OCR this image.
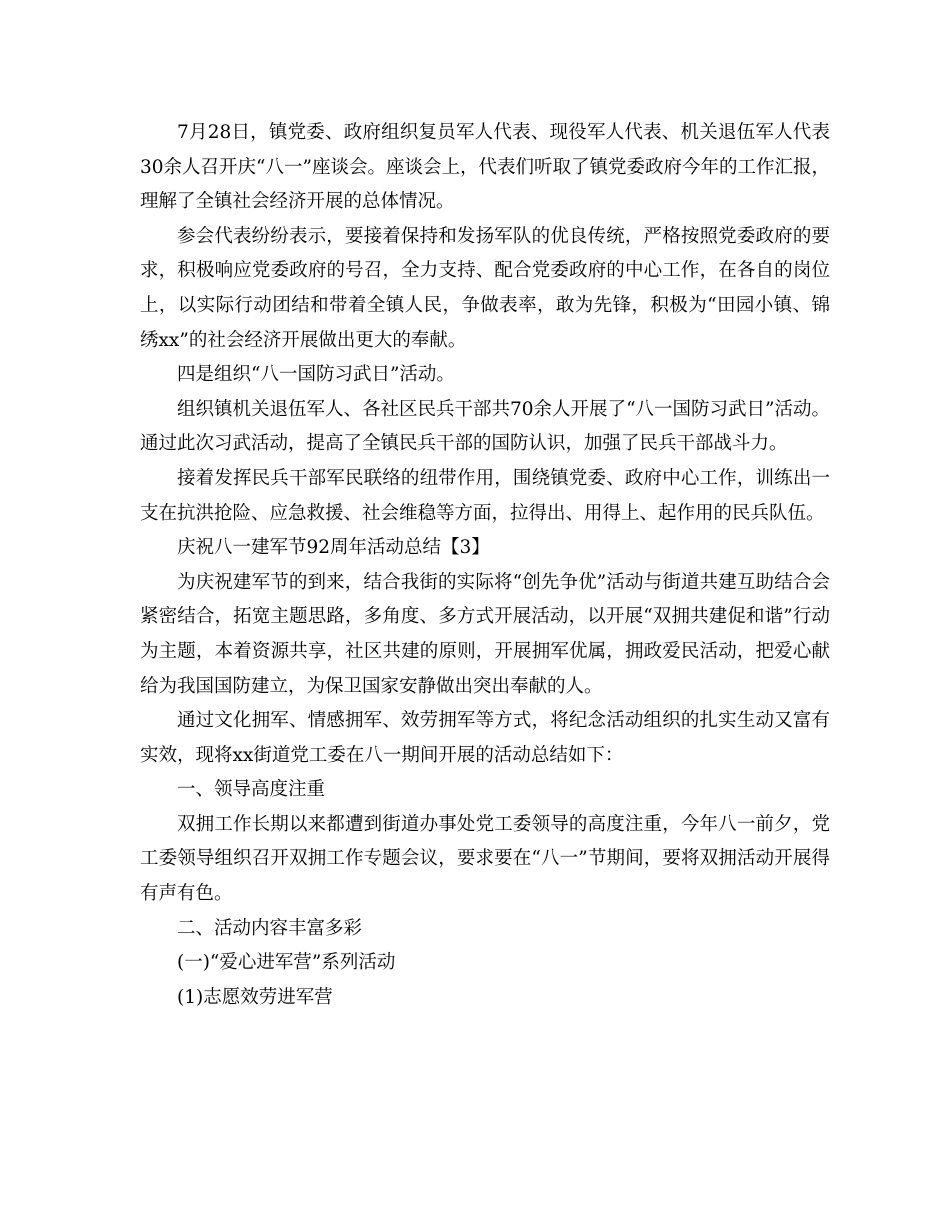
7月28日，镇党委、政府组织复员军人代表、现役军人代表、机关退伍军人代表30余人召开庆“八一”座谈会。座谈会上，代表们听取了镇党委政府今年的工作汇报，理解了全镇社会经济开展的总体情况。

参会代表纷纷表示，要接着保持和发扬军队的优良传统，严格按照党委政府的要求，积极响应党委政府的号召，全力支持、配合党委政府的中心工作，在各自的岗位上，以实际行动团结和带着全镇人民，争做表率，敢为先锋，积极为“田园小镇、锦绣xx”的社会经济开展做出更大的奉献。

四是组织“八一国防习武日”活动。

组织镇机关退伍军人、各社区民兵干部共70余人开展了“八一国防习武日”活动。通过此次习武活动，提高了全镇民兵干部的国防认识，加强了民兵干部战斗力。

接着发挥民兵干部军民联络的纽带作用，围绕镇党委、政府中心工作，训练出一支在抗洪抢险、应急救援、社会维稳等方面，拉得出、用得上、起作用的民兵队伍。

庆祝八一建军节92周年活动总结【3】

为庆祝建军节的到来，结合我街的实际将“创先争优”活动与街道共建互助结合会紧密结合，拓宽主题思路，多角度、多方式开展活动，以开展“双拥共建促和谐”行动为主题，本着资源共享，社区共建的原则，开展拥军优属，拥政爱民活动，把爱心献给为我国国防建立，为保卫国家安静做出突出奉献的人。

通过文化拥军、情感拥军、效劳拥军等方式，将纪念活动组织的扎实生动又富有实效，现将xx街道党工委在八一期间开展的活动总结如下：

一、领导高度注重

双拥工作长期以来都遭到街道办事处党工委领导的高度注重，今年八一前夕，党工委领导组织召开双拥工作专题会议，要求要在“八一”节期间，要将双拥活动开展得有声有色。

二、活动内容丰富多彩

(一)“爱心进军营”系列活动

(1)志愿效劳进军营
